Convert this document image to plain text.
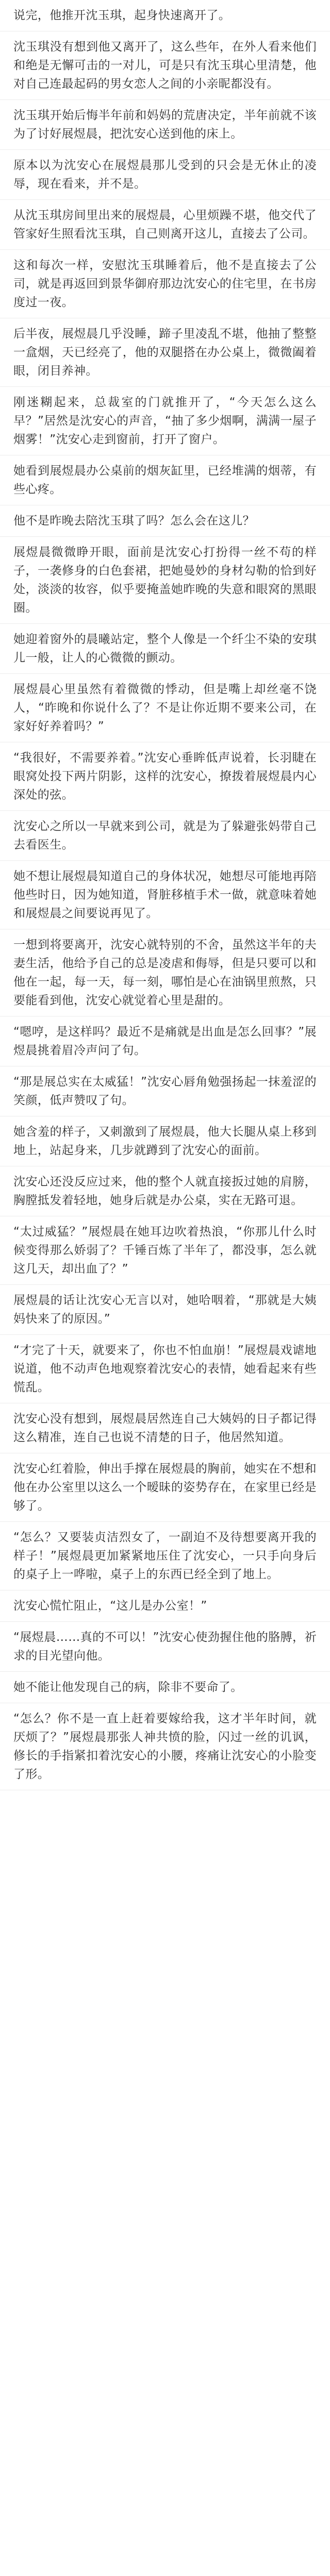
说完，他推开沈玉琪，起身快速离开了。

沈玉琪没有想到他又离开了，这么些年，在外人看来他们和绝是无懈可击的一对儿，可是只有沈玉琪心里清楚，他对自己连最起码的男女恋人之间的小亲昵都没有。

沈玉琪开始后悔半年前和妈妈的荒唐决定，半年前就不该为了讨好展煜晨，把沈安心送到他的床上。

原本以为沈安心在展煜晨那儿受到的只会是无休止的凌辱，现在看来，并不是。

从沈玉琪房间里出来的展煜晨，心里烦躁不堪，他交代了管家好生照看沈玉琪，自己则离开这儿，直接去了公司。

这和每次一样，安慰沈玉琪睡着后，他不是直接去了公司，就是再返回到景华御府那边沈安心的住宅里，在书房度过一夜。

后半夜，展煜晨几乎没睡，蹄子里凌乱不堪，他抽了整整一盒烟，天已经亮了，他的双腿搭在办公桌上，微微阖着眼，闭目养神。

刚迷糊起来，总裁室的门就推开了，“今天怎么这么早？”居然是沈安心的声音，“抽了多少烟啊，满满一屋子烟雾！”沈安心走到窗前，打开了窗户。

她看到展煜晨办公桌前的烟灰缸里，已经堆满的烟蒂，有些心疼。

他不是昨晚去陪沈玉琪了吗？怎么会在这儿？

展煜晨微微睁开眼，面前是沈安心打扮得一丝不苟的样子，一袭修身的白色套裙，把她曼妙的身材勾勒的恰到好处，淡淡的妆容，似乎要掩盖她昨晚的失意和眼窝的黑眼圈。

她迎着窗外的晨曦站定，整个人像是一个纤尘不染的安琪儿一般，让人的心微微的颤动。

展煜晨心里虽然有着微微的悸动，但是嘴上却丝毫不饶人，“昨晚和你说什么了？不是让你近期不要来公司，在家好好养着吗？”

“我很好，不需要养着。”沈安心垂眸低声说着，长羽睫在眼窝处投下两片阴影，这样的沈安心，撩拨着展煜晨内心深处的弦。

沈安心之所以一早就来到公司，就是为了躲避张妈带自己去看医生。

她不想让展煜晨知道自己的身体状况，她想尽可能地再陪他些时日，因为她知道，肾脏移植手术一做，就意味着她和展煜晨之间要说再见了。

一想到将要离开，沈安心就特别的不舍，虽然这半年的夫妻生活，他给予自己的总是凌虐和侮辱，但是只要可以和他在一起，每一天，每一刻，哪怕是心在油锅里煎熬，只要能看到他，沈安心就觉着心里是甜的。

“嗯哼，是这样吗？最近不是痛就是出血是怎么回事？”展煜晨挑着眉冷声问了句。

“那是展总实在太威猛！”沈安心唇角勉强扬起一抹羞涩的笑颜，低声赞叹了句。

她含羞的样子，又刺激到了展煜晨，他大长腿从桌上移到地上，站起身来，几步就蹲到了沈安心的面前。

沈安心还没反应过来，他的整个人就直接扳过她的肩膀，胸膛抵发着轻地，她身后就是办公桌，实在无路可退。

“太过威猛？”展煜晨在她耳边吹着热浪，“你那儿什么时候变得那么娇弱了？千锤百炼了半年了，都没事，怎么就这几天，却出血了？”

展煜晨的话让沈安心无言以对，她哈咽着，“那就是大姨妈快来了的原因。”

“才完了十天，就要来了，你也不怕血崩！”展煜晨戏谑地说道，他不动声色地观察着沈安心的表情，她看起来有些慌乱。

沈安心没有想到，展煜晨居然连自己大姨妈的日子都记得这么精准，连自己也说不清楚的日子，他居然知道。

沈安心红着脸，伸出手撑在展煜晨的胸前，她实在不想和他在办公室里以这么一个暧昧的姿势存在，在家里已经是够了。

“怎么？又要装贞洁烈女了，一副迫不及待想要离开我的样子！”展煜晨更加紧紧地压住了沈安心，一只手向身后的桌子上一哗啦，桌子上的东西已经全到了地上。

沈安心慌忙阻止，“这儿是办公室！”

“展煜晨……真的不可以！”沈安心使劲握住他的胳膊，祈求的目光望向他。

她不能让他发现自己的病，除非不要命了。

“怎么？你不是一直上赶着要嫁给我，这才半年时间，就厌烦了？”展煜晨那张人神共愤的脸，闪过一丝的讥讽，修长的手指紧扣着沈安心的小腰，疼痛让沈安心的小脸变了形。
